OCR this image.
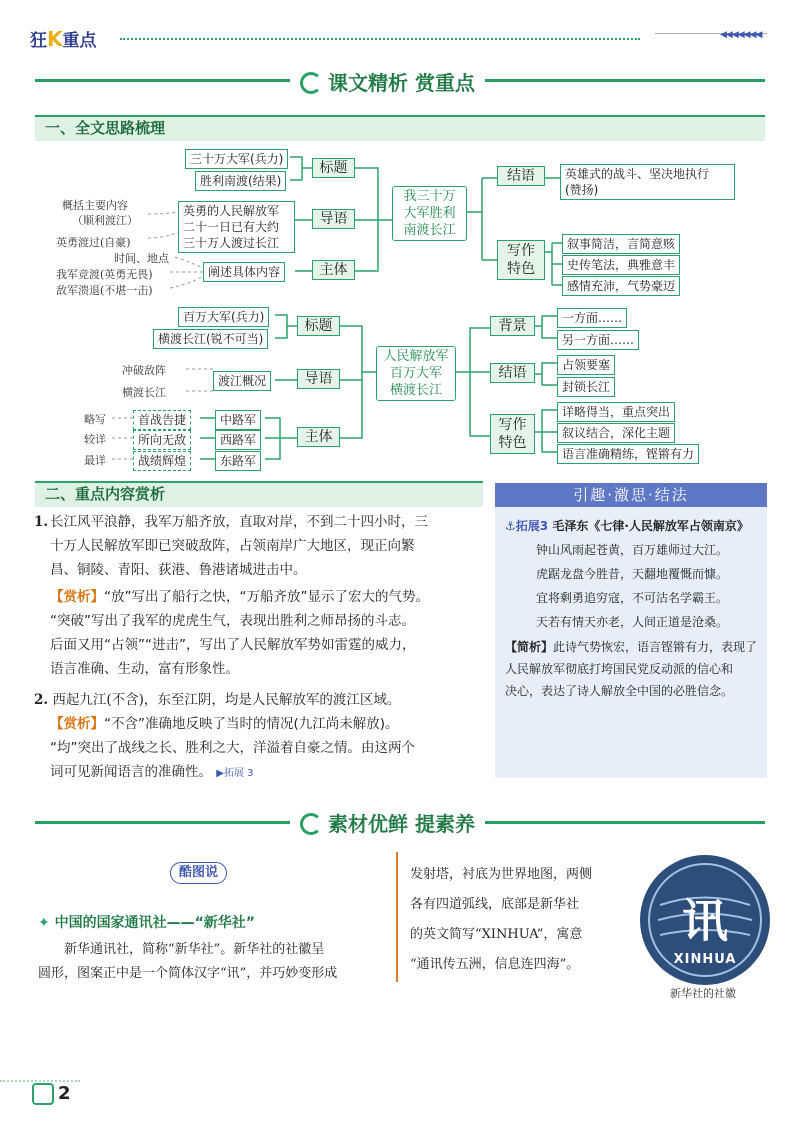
狂K重点	◀◀◀◀◀◀◀
课文精析 赏重点
一、全文思路梳理
三十万大军(兵力)
胜利南渡(结果)
标题
英勇的人民解放军
二十一日已有大约
三十万人渡过长江
导语
阐述具体内容	主体
概括主要内容
（顺利渡江）
英勇渡过(自豪)
时间、地点
我军竞渡(英勇无畏)
敌军溃退(不堪一击)
我三十万
大军胜利
南渡长江
结语	英雄式的战斗、坚决地执行
(赞扬)
写作
特色
叙事简洁，言简意赅
史传笔法，典雅意丰
感情充沛，气势豪迈
百万大军(兵力)
横渡长江(锐不可当)
标题
冲破敌阵
横渡长江
渡江概况	导语
略写
较详
最详
首战告捷
所向无敌
战绩辉煌
中路军
西路军
东路军
主体
人民解放军
百万大军
横渡长江
背景	一方面……
另一方面……
结语	占领要塞
封锁长江
写作
特色
详略得当，重点突出
叙议结合，深化主题
语言准确精练，铿锵有力
二、重点内容赏析
1. 长江风平浪静，我军万船齐放，直取对岸，不到二十四小时，三
十万人民解放军即已突破敌阵，占领南岸广大地区，现正向繁
昌、铜陵、青阳、荻港、鲁港诸城进击中。
【赏析】“放”写出了船行之快，“万船齐放”显示了宏大的气势。
“突破”写出了我军的虎虎生气，表现出胜利之师昂扬的斗志。
后面又用“占领”“进击”，写出了人民解放军势如雷霆的威力，
语言准确、生动，富有形象性。
2. 西起九江(不含)，东至江阴，均是人民解放军的渡江区域。
【赏析】“不含”准确地反映了当时的情况(九江尚未解放)。
“均”突出了战线之长、胜利之大，洋溢着自豪之情。由这两个
词可见新闻语言的准确性。 ▶拓展 3
引趣·激思·结法
⚓拓展3 毛泽东《七律·人民解放军占领南京》
钟山风雨起苍黄，百万雄师过大江。
虎踞龙盘今胜昔，天翻地覆慨而慷。
宜将剩勇追穷寇，不可沽名学霸王。
天若有情天亦老，人间正道是沧桑。
【简析】此诗气势恢宏，语言铿锵有力，表现了
人民解放军彻底打垮国民党反动派的信心和
决心，表达了诗人解放全中国的必胜信念。
素材优鲜 提素养
酷图说
✦ 中国的国家通讯社——“新华社”
新华通讯社，简称“新华社”。新华社的社徽呈
圆形，图案正中是一个简体汉字“讯”，并巧妙变形成
发射塔，衬底为世界地图，两侧
各有四道弧线，底部是新华社
的英文简写“XINHUA”，寓意
“通讯传五洲，信息连四海”。
讯
XINHUA
新华社的社徽
2
